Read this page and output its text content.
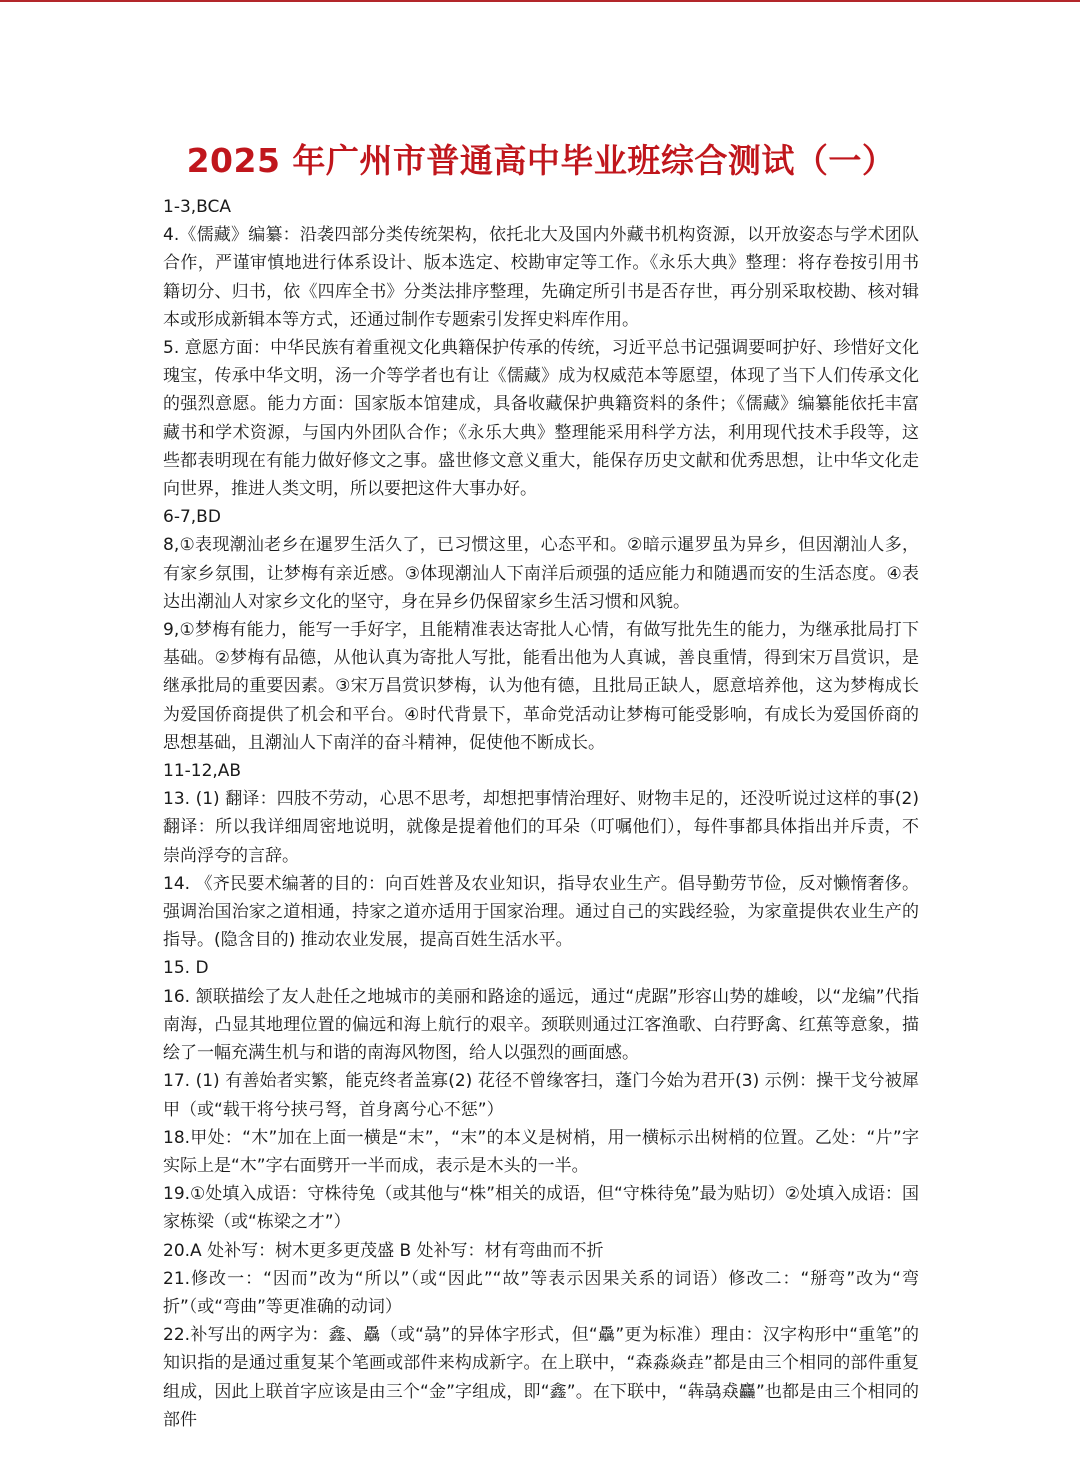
2025 年广州市普通高中毕业班综合测试（一）
1-3,BCA
4.《儒藏》编纂：沿袭四部分类传统架构，依托北大及国内外藏书机构资源，以开放姿态与学术团队合作，严谨审慎地进行体系设计、版本选定、校勘审定等工作。《永乐大典》整理：将存卷按引用书籍切分、归书，依《四库全书》分类法排序整理，先确定所引书是否存世，再分别采取校勘、核对辑本或形成新辑本等方式，还通过制作专题索引发挥史料库作用。
5. 意愿方面：中华民族有着重视文化典籍保护传承的传统，习近平总书记强调要呵护好、珍惜好文化瑰宝，传承中华文明，汤一介等学者也有让《儒藏》成为权威范本等愿望，体现了当下人们传承文化的强烈意愿。能力方面：国家版本馆建成，具备收藏保护典籍资料的条件；《儒藏》编纂能依托丰富藏书和学术资源，与国内外团队合作；《永乐大典》整理能采用科学方法，利用现代技术手段等，这些都表明现在有能力做好修文之事。盛世修文意义重大，能保存历史文献和优秀思想，让中华文化走向世界，推进人类文明，所以要把这件大事办好。
6-7,BD
8,①表现潮汕老乡在暹罗生活久了，已习惯这里，心态平和。②暗示暹罗虽为异乡，但因潮汕人多，有家乡氛围，让梦梅有亲近感。③体现潮汕人下南洋后顽强的适应能力和随遇而安的生活态度。④表达出潮汕人对家乡文化的坚守，身在异乡仍保留家乡生活习惯和风貌。
9,①梦梅有能力，能写一手好字，且能精准表达寄批人心情，有做写批先生的能力，为继承批局打下基础。②梦梅有品德，从他认真为寄批人写批，能看出他为人真诚，善良重情，得到宋万昌赏识，是继承批局的重要因素。③宋万昌赏识梦梅，认为他有德，且批局正缺人，愿意培养他，这为梦梅成长为爱国侨商提供了机会和平台。④时代背景下，革命党活动让梦梅可能受影响，有成长为爱国侨商的思想基础，且潮汕人下南洋的奋斗精神，促使他不断成长。
11-12,AB
13. (1) 翻译：四肢不劳动，心思不思考，却想把事情治理好、财物丰足的，还没听说过这样的事(2) 翻译：所以我详细周密地说明，就像是提着他们的耳朵（叮嘱他们），每件事都具体指出并斥责，不崇尚浮夸的言辞。
14. 《齐民要术编著的目的：向百姓普及农业知识，指导农业生产。倡导勤劳节俭，反对懒惰奢侈。强调治国治家之道相通，持家之道亦适用于国家治理。通过自己的实践经验，为家童提供农业生产的指导。(隐含目的) 推动农业发展，提高百姓生活水平。
15. D
16. 颔联描绘了友人赴任之地城市的美丽和路途的遥远，通过“虎踞”形容山势的雄峻，以“龙编”代指南海，凸显其地理位置的偏远和海上航行的艰辛。颈联则通过江客渔歌、白荇野禽、红蕉等意象，描绘了一幅充满生机与和谐的南海风物图，给人以强烈的画面感。
17. (1) 有善始者实繁，能克终者盖寡(2) 花径不曾缘客扫，蓬门今始为君开(3) 示例：操干戈兮被犀甲（或“载干将兮挟弓弩，首身离兮心不惩”）
18.甲处：“木”加在上面一横是“末”，“末”的本义是树梢，用一横标示出树梢的位置。乙处：“片”字实际上是“木”字右面劈开一半而成，表示是木头的一半。
19.①处填入成语：守株待兔（或其他与“株”相关的成语，但“守株待兔”最为贴切）②处填入成语：国家栋梁（或“栋梁之才”）
20.A 处补写：树木更多更茂盛 B 处补写：材有弯曲而不折
21.修改一：“因而”改为“所以”（或“因此”“故”等表示因果关系的词语）修改二：“掰弯”改为“弯折”（或“弯曲”等更准确的动词）
22.补写出的两字为：鑫、驫（或“骉”的异体字形式，但“驫”更为标准）理由：汉字构形中“重笔”的知识指的是通过重复某个笔画或部件来构成新字。在上联中，“森淼焱垚”都是由三个相同的部件重复组成，因此上联首字应该是由三个“金”字组成，即“鑫”。在下联中，“犇骉猋麤”也都是由三个相同的部件
